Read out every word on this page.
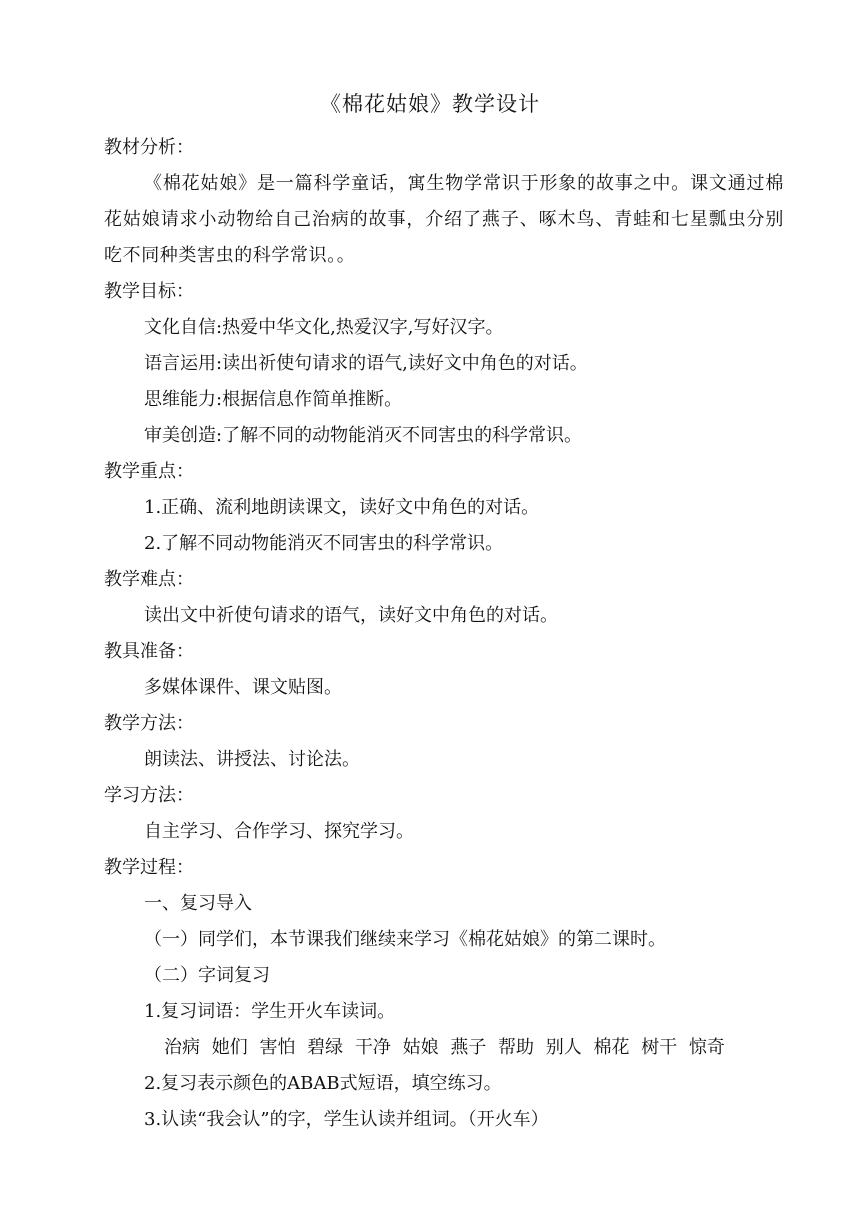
《棉花姑娘》教学设计
教材分析：
《棉花姑娘》是一篇科学童话，寓生物学常识于形象的故事之中。课文通过棉花姑娘请求小动物给自己治病的故事，介绍了燕子、啄木鸟、青蛙和七星瓢虫分别吃不同种类害虫的科学常识。。
教学目标：
文化自信:热爱中华文化,热爱汉字,写好汉字。
语言运用:读出祈使句请求的语气,读好文中角色的对话。
思维能力:根据信息作简单推断。
审美创造:了解不同的动物能消灭不同害虫的科学常识。
教学重点：
1.正确、流利地朗读课文，读好文中角色的对话。
2.了解不同动物能消灭不同害虫的科学常识。
教学难点：
读出文中祈使句请求的语气，读好文中角色的对话。
教具准备：
多媒体课件、课文贴图。
教学方法：
朗读法、讲授法、讨论法。
学习方法：
自主学习、合作学习、探究学习。
教学过程：
一、复习导入
（一）同学们，本节课我们继续来学习《棉花姑娘》的第二课时。
（二）字词复习
1.复习词语：学生开火车读词。
治病 她们 害怕 碧绿 干净 姑娘 燕子 帮助 别人 棉花 树干 惊奇
2.复习表示颜色的ABAB式短语，填空练习。
3.认读“我会认”的字，学生认读并组词。（开火车）
